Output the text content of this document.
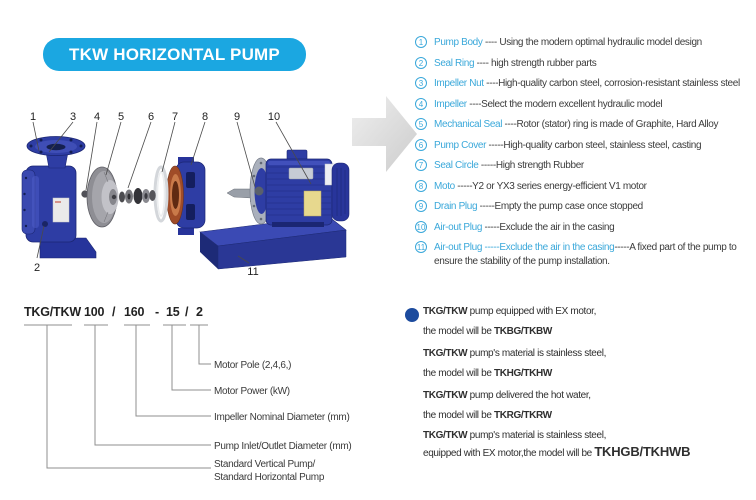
TKW HORIZONTAL PUMP
1	3 4 5 6 7 8 9	10
2	11
1	Pump Body ---- Using the modern optimal hydraulic model design
2	Seal Ring ---- high strength rubber parts
3	Impeller Nut ----High-quality carbon steel, corrosion-resistant stainless steel
4	Impeller ----Select the modern excellent hydraulic model
5	Mechanical Seal ----Rotor (stator) ring is made of Graphite, Hard Alloy
6	Pump Cover -----High-quality carbon steel, stainless steel, casting
7	Seal Circle -----High strength Rubber
8	Moto -----Y2 or YX3 series energy-efficient V1 motor
9	Drain Plug -----Empty the pump case once stopped
10 Air-out Plug -----Exclude the air in the casing
11 Air-out Plug -----Exclude the air in the casing-----A fixed part of the pump to ensure the stability of the pump installation.
TKG/TKW 100 / 160 - 15 / 2
Motor Pole (2,4,6,)
Motor Power (kW)
Impeller Nominal Diameter (mm)
Pump Inlet/Outlet Diameter (mm)
Standard Vertical Pump/
Standard Horizontal Pump
TKG/TKW pump equipped with EX motor,
the model will be TKBG/TKBW
TKG/TKW pump's material is stainless steel,
the model will be TKHG/TKHW
TKG/TKW pump delivered the hot water,
the model will be TKRG/TKRW
TKG/TKW pump's material is stainless steel,
equipped with EX motor,the model will be TKHGB/TKHWB
